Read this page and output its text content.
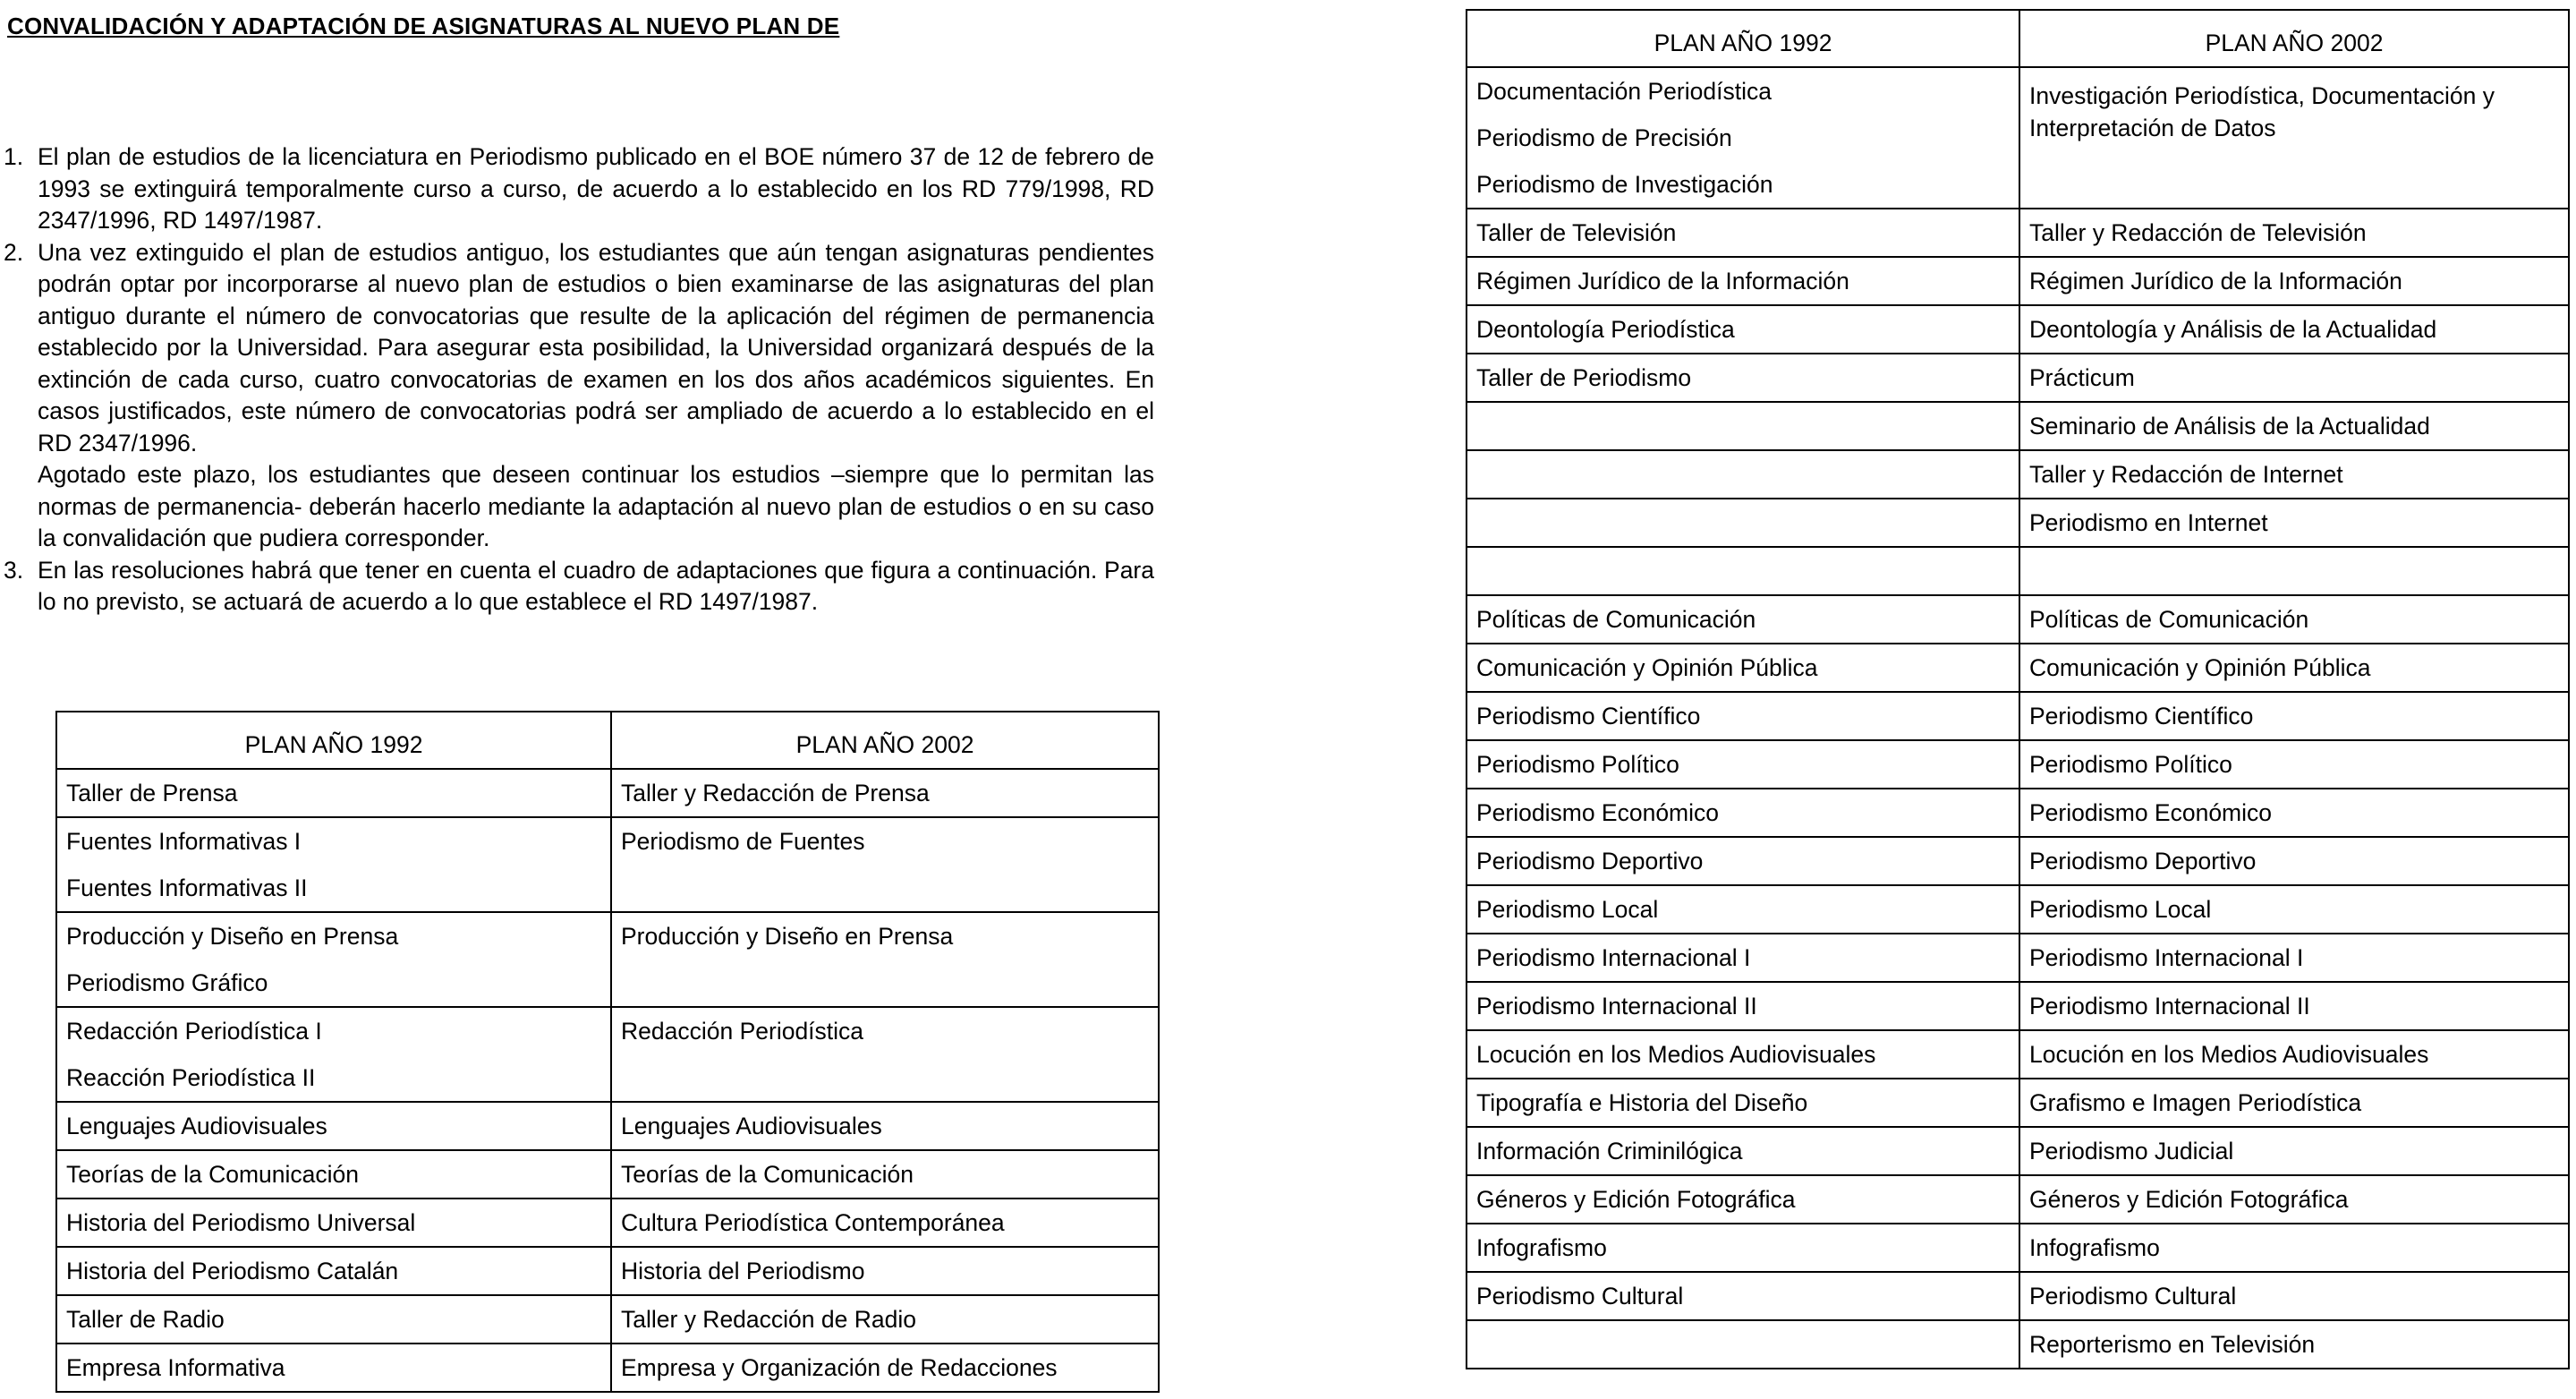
CONVALIDACIÓN Y ADAPTACIÓN DE ASIGNATURAS AL NUEVO PLAN DE
1. El plan de estudios de la licenciatura en Periodismo publicado en el BOE número 37 de 12 de febrero de 1993 se extinguirá temporalmente curso a curso, de acuerdo a lo establecido en los RD 779/1998, RD 2347/1996, RD 1497/1987.

2. Una vez extinguido el plan de estudios antiguo, los estudiantes que aún tengan asignaturas pendientes podrán optar por incorporarse al nuevo plan de estudios o bien examinarse de las asignaturas del plan antiguo durante el número de convocatorias que resulte de la aplicación del régimen de permanencia establecido por la Universidad. Para asegurar esta posibilidad, la Universidad organizará después de la extinción de cada curso, cuatro convocatorias de examen en los dos años académicos siguientes. En casos justificados, este número de convocatorias podrá ser ampliado de acuerdo a lo establecido en el RD 2347/1996.

Agotado este plazo, los estudiantes que deseen continuar los estudios –siempre que lo permitan las normas de permanencia- deberán hacerlo mediante la adaptación al nuevo plan de estudios o en su caso la convalidación que pudiera corresponder.

3. En las resoluciones habrá que tener en cuenta el cuadro de adaptaciones que figura a continuación. Para lo no previsto, se actuará de acuerdo a lo que establece el RD 1497/1987.

PLAN AÑO 1992	PLAN AÑO 2002

Taller de Prensa	Taller y Redacción de Prensa

Fuentes Informativas I
Fuentes Informativas II	Periodismo de Fuentes

Producción y Diseño en Prensa
Periodismo Gráfico	Producción y Diseño en Prensa

Redacción Periodística I
Reacción Periodística II	Redacción Periodística

Lenguajes Audiovisuales	Lenguajes Audiovisuales

Teorías de la Comunicación	Teorías de la Comunicación

Historia del Periodismo Universal	Cultura Periodística Contemporánea

Historia del Periodismo Catalán	Historia del Periodismo

Taller de Radio	Taller y Redacción de Radio

Empresa Informativa	Empresa y Organización de Redacciones
PLAN AÑO 1992	PLAN AÑO 2002

Documentación Periodística
Periodismo de Precisión
Periodismo de Investigación	Investigación Periodística, Documentación y Interpretación de Datos

Taller de Televisión	Taller y Redacción de Televisión

Régimen Jurídico de la Información	Régimen Jurídico de la Información

Deontología Periodística	Deontología y Análisis de la Actualidad

Taller de Periodismo	Prácticum

	Seminario de Análisis de la Actualidad

	Taller y Redacción de Internet

	Periodismo en Internet

Políticas de Comunicación	Políticas de Comunicación

Comunicación y Opinión Pública	Comunicación y Opinión Pública

Periodismo Científico	Periodismo Científico

Periodismo Político	Periodismo Político

Periodismo Económico	Periodismo Económico

Periodismo Deportivo	Periodismo Deportivo

Periodismo Local	Periodismo Local

Periodismo Internacional I	Periodismo Internacional I

Periodismo Internacional II	Periodismo Internacional II

Locución en los Medios Audiovisuales	Locución en los Medios Audiovisuales

Tipografía e Historia del Diseño	Grafismo e Imagen Periodística

Información Criminilógica	Periodismo Judicial

Géneros y Edición Fotográfica	Géneros y Edición Fotográfica

Infografismo	Infografismo

Periodismo Cultural	Periodismo Cultural

	Reporterismo en Televisión
